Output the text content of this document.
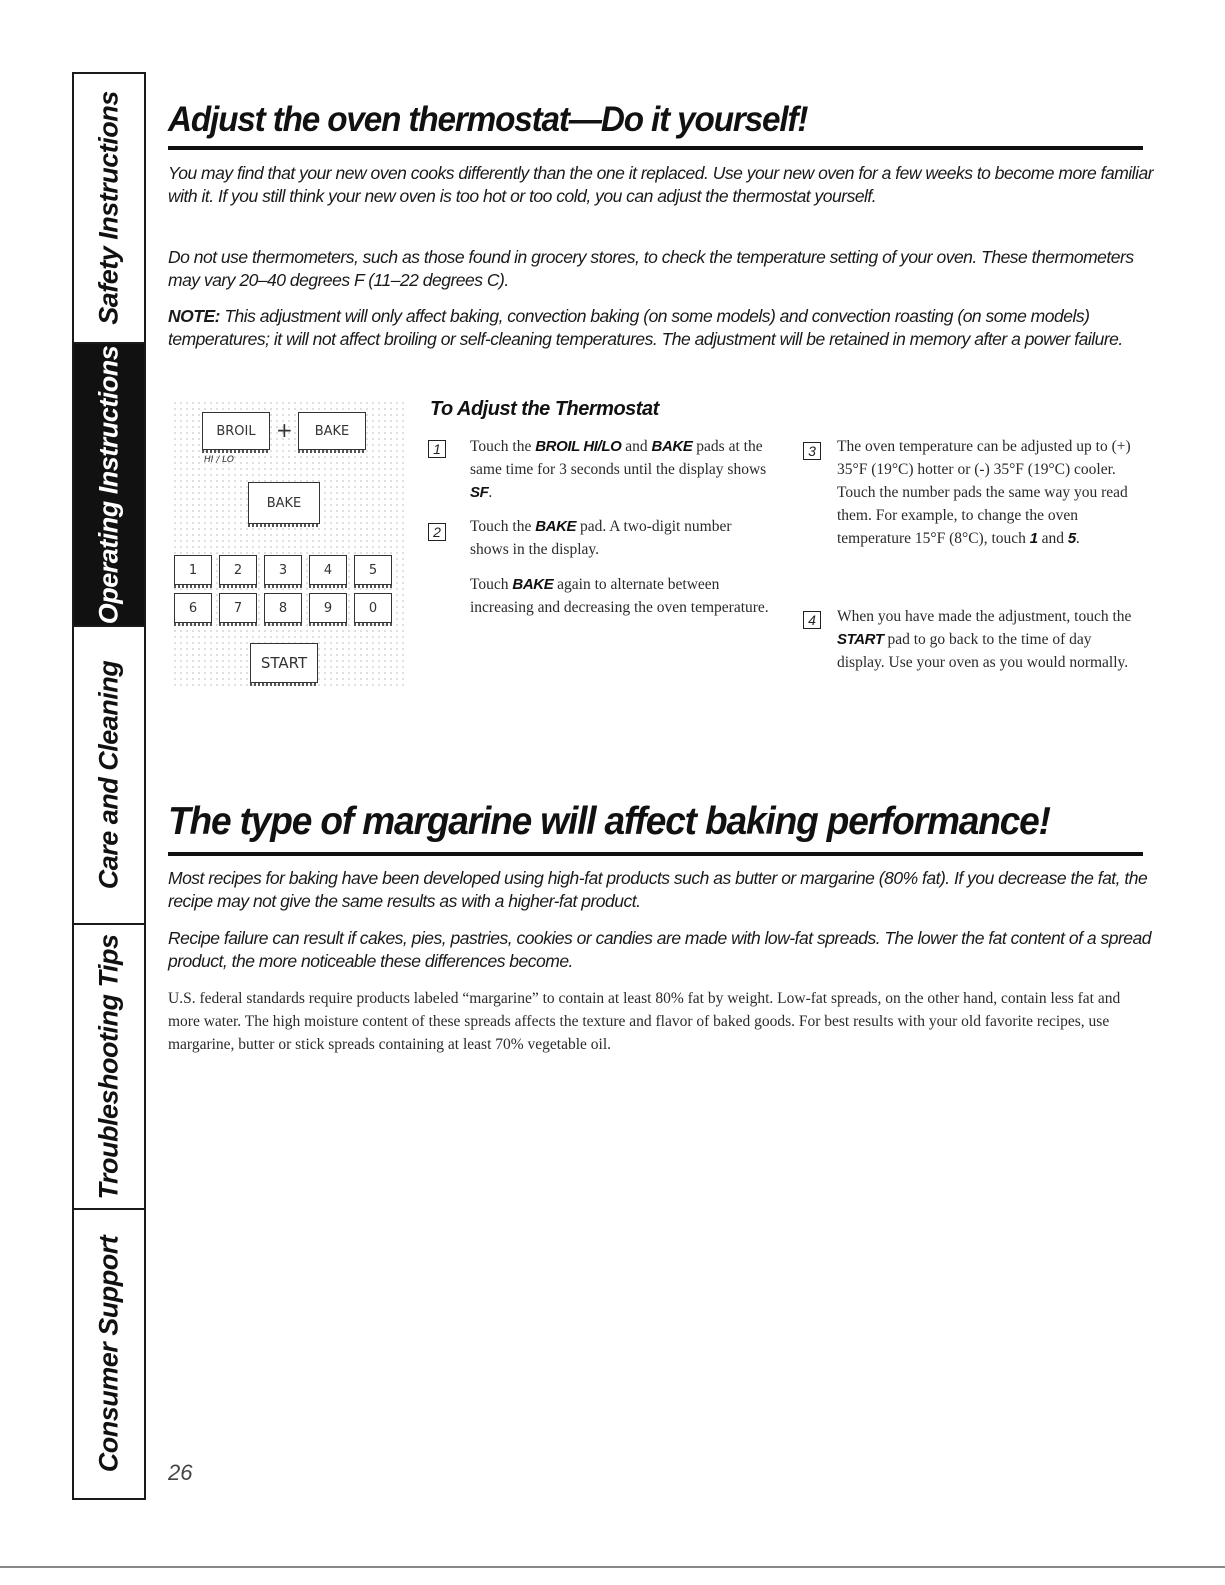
Safety Instructions
Operating Instructions
Care and Cleaning
Troubleshooting Tips
Consumer Support
Adjust the oven thermostat—Do it yourself!

You may find that your new oven cooks differently than the one it replaced. Use your new oven for a few weeks to become more familiar with it. If you still think your new oven is too hot or too cold, you can adjust the thermostat yourself.

Do not use thermometers, such as those found in grocery stores, to check the temperature setting of your oven. These thermometers may vary 20–40 degrees F (11–22 degrees C).

NOTE: This adjustment will only affect baking, convection baking (on some models) and convection roasting (on some models) temperatures; it will not affect broiling or self-cleaning temperatures. The adjustment will be retained in memory after a power failure.

BROIL	+	BAKE
HI / LO
BAKE
1	2	3	4	5
6	7	8	9	0
START
To Adjust the Thermostat
1	Touch the BROIL HI/LO and BAKE pads at the same time for 3 seconds until the display shows SF.

2	Touch the BAKE pad. A two-digit number shows in the display.

Touch BAKE again to alternate between increasing and decreasing the oven temperature.

3	The oven temperature can be adjusted up to (+) 35°F (19°C) hotter or (-) 35°F (19°C) cooler. Touch the number pads the same way you read them. For example, to change the oven temperature 15°F (8°C), touch 1 and 5.

4	When you have made the adjustment, touch the START pad to go back to the time of day display. Use your oven as you would normally.

The type of margarine will affect baking performance!

Most recipes for baking have been developed using high-fat products such as butter or margarine (80% fat). If you decrease the fat, the recipe may not give the same results as with a higher-fat product.

Recipe failure can result if cakes, pies, pastries, cookies or candies are made with low-fat spreads. The lower the fat content of a spread product, the more noticeable these differences become.

U.S. federal standards require products labeled “margarine” to contain at least 80% fat by weight. Low-fat spreads, on the other hand, contain less fat and more water. The high moisture content of these spreads affects the texture and flavor of baked goods. For best results with your old favorite recipes, use margarine, butter or stick spreads containing at least 70% vegetable oil.

26
